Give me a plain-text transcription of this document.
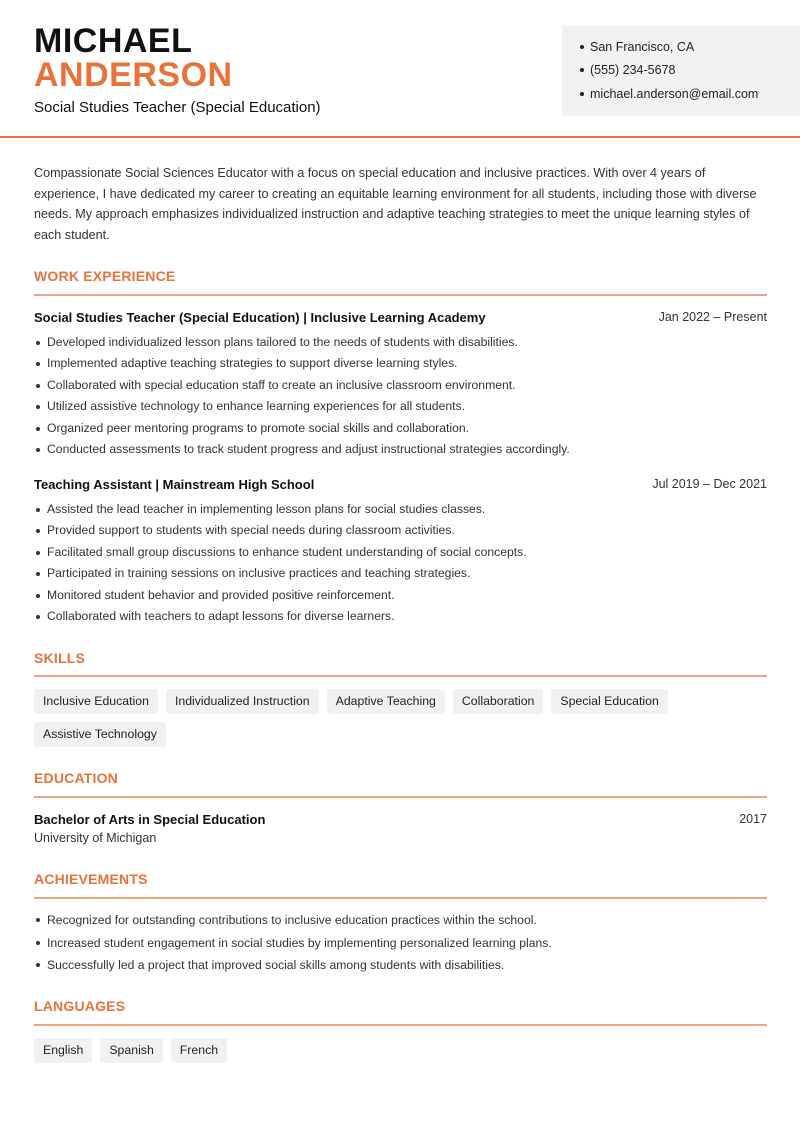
MICHAEL
ANDERSON
Social Studies Teacher (Special Education)
San Francisco, CA
(555) 234-5678
michael.anderson@email.com
Compassionate Social Sciences Educator with a focus on special education and inclusive practices. With over 4 years of experience, I have dedicated my career to creating an equitable learning environment for all students, including those with diverse needs. My approach emphasizes individualized instruction and adaptive teaching strategies to meet the unique learning styles of each student.
WORK EXPERIENCE
Social Studies Teacher (Special Education) | Inclusive Learning Academy	Jan 2022 – Present
Developed individualized lesson plans tailored to the needs of students with disabilities.
Implemented adaptive teaching strategies to support diverse learning styles.
Collaborated with special education staff to create an inclusive classroom environment.
Utilized assistive technology to enhance learning experiences for all students.
Organized peer mentoring programs to promote social skills and collaboration.
Conducted assessments to track student progress and adjust instructional strategies accordingly.
Teaching Assistant | Mainstream High School	Jul 2019 – Dec 2021
Assisted the lead teacher in implementing lesson plans for social studies classes.
Provided support to students with special needs during classroom activities.
Facilitated small group discussions to enhance student understanding of social concepts.
Participated in training sessions on inclusive practices and teaching strategies.
Monitored student behavior and provided positive reinforcement.
Collaborated with teachers to adapt lessons for diverse learners.
SKILLS
Inclusive Education	Individualized Instruction	Adaptive Teaching	Collaboration	Special Education
Assistive Technology
EDUCATION
Bachelor of Arts in Special Education	2017
University of Michigan
ACHIEVEMENTS
Recognized for outstanding contributions to inclusive education practices within the school.
Increased student engagement in social studies by implementing personalized learning plans.
Successfully led a project that improved social skills among students with disabilities.
LANGUAGES
English	Spanish	French
